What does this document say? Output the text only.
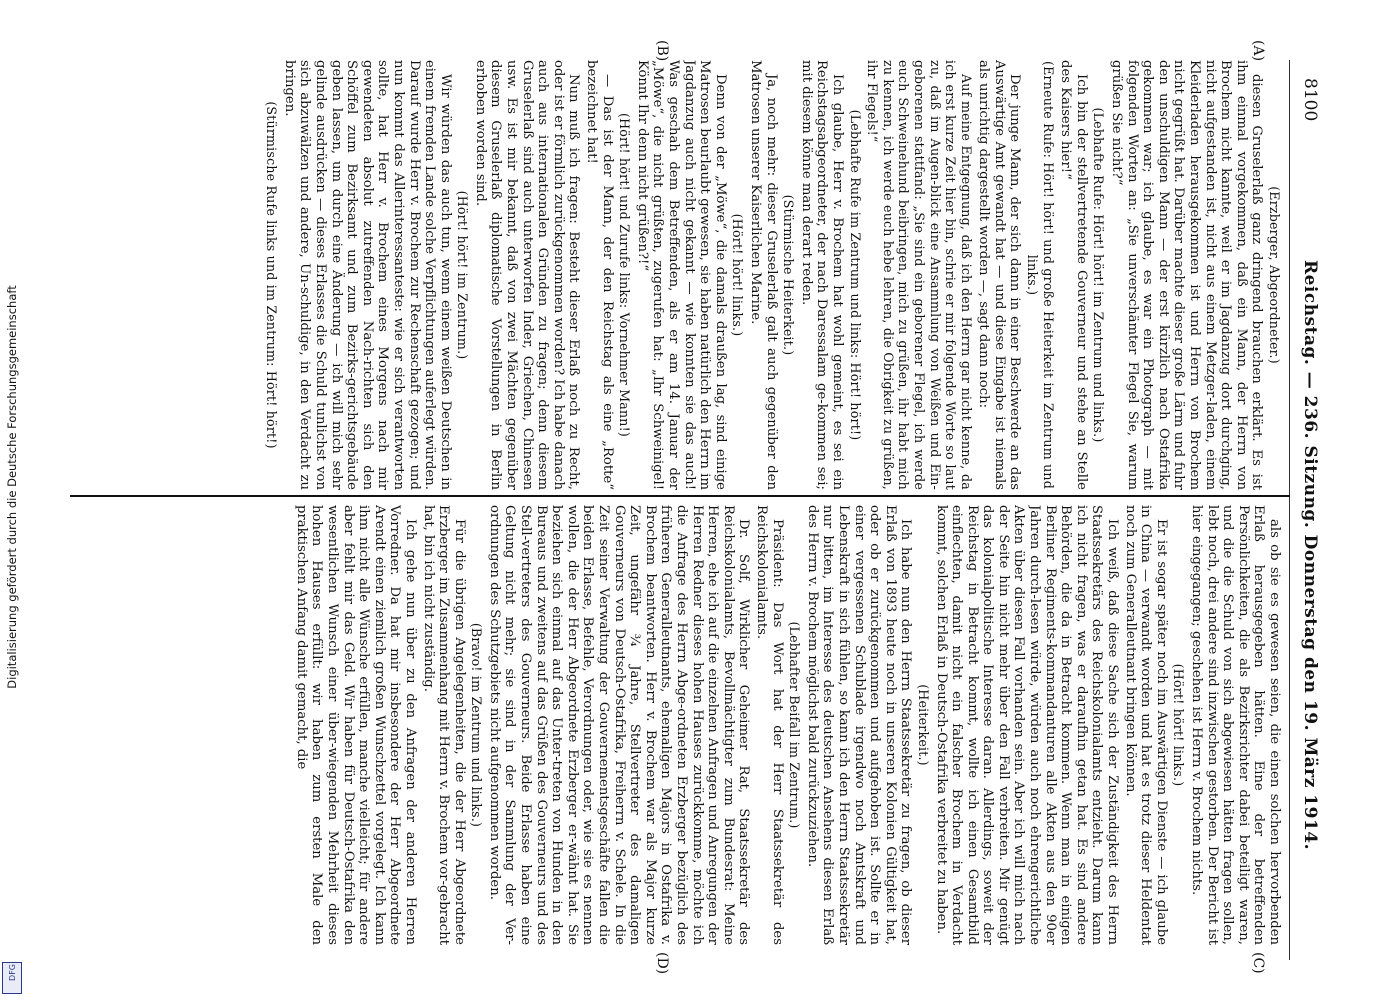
Digitalisierung gefördert durch die Deutsche Forschungsgemeinschaft
DFG
8100
Reichstag. — 236. Sitzung. Donnerstag den 19. März 1914.
(A)
(B)
(C)
(D)

(Erzberger, Abgeordneter.)

diesen Gruselerlaß ganz dringend brauchen erklärt. Es ist ihm einmal vorgekommen, daß ein Mann, der Herrn von Brochem nicht kannte, weil er im Jagdanzug dort durchging, nicht aufgestanden ist, nicht aus einem Metzger-laden, einem Kleiderladen herausgekommen ist und Herrn von Brochem nicht gegrüßt hat. Darüber machte dieser große Lärm und fuhr den unschuldigen Mann — der erst kürzlich nach Ostafrika gekommen war; ich glaube, es war ein Photograph — mit folgenden Worten an: „Sie unverschämter Flegel Sie, warum grüßen Sie nicht?“

(Lebhafte Rufe: Hört! hört! im Zentrum und links.)

Ich bin der stellvertretende Gouverneur und stehe an Stelle des Kaisers hier!“

(Erneute Rufe: Hört! hört! und große Heiterkeit im Zentrum und links.)

Der junge Mann, der sich dann in einer Beschwerde an das Auswärtige Amt gewandt hat — und diese Eingabe ist niemals als unrichtig dargestellt worden —, sagt dann noch:

Auf meine Entgegnung, daß ich den Herrn gar nicht kenne, da ich erst kurze Zeit hier bin, schrie er mir folgende Worte so laut zu, daß im Augen-blick eine Ansammlung von Weißen und Ein-geborenen stattfand: „Sie sind ein geborener Flegel, ich werde euch Schweinehund beibringen, mich zu grüßen, ihr habt mich zu kennen, ich werde euch hebe lehren, die Obrigkeit zu grüßen, ihr Flegels!“

(Lebhafte Rufe im Zentrum und links: Hört! hört!)

Ich glaube, Herr v. Brochem hat wohl gemeint, es sei ein Reichstagsabgeordneter, der nach Daressalam ge-kommen sei; mit diesem könne man derart reden.

(Stürmische Heiterkeit.)

Ja, noch mehr: dieser Gruselerlaß galt auch gegenüber den Matrosen unserer Kaiserlichen Marine.

(Hört! hört! links.)

Denn von der „Möwe“, die damals draußen lag, sind einige Matrosen beurlaubt gewesen, sie haben natürlich den Herrn im Jagdanzug auch nicht gekannt — wie konnten sie das auch! Was geschah dem Betreffenden, als er am 14. Januar der „Möwe“, die nicht grüßten, zugerufen hat: „Ihr Schweinigel! Könnt Ihr denn nicht grüßen?!“

(Hört! hört! und Zurufe links: Vornehmer Mann!)

— Das ist der Mann, der den Reichstag als eine „Rotte“ bezeichnet hat!

Nun muß ich fragen: Besteht dieser Erlaß noch zu Recht, oder ist er förmlich zurückgenommen worden? Ich habe danach auch aus internationalen Gründen zu fragen; denn diesem Gruselerlaß sind auch unterworfen Inder, Griechen, Chinesen usw. Es ist mir bekannt, daß von zwei Mächten gegenüber diesem Gruselerlaß diplomatische Vorstellungen in Berlin erhoben worden sind.

(Hört! hört! im Zentrum.)

Wir würden das auch tun, wenn einem weißen Deutschen in einem fremden Lande solche Verpflichtungen auferlegt würden. Darauf wurde Herr v. Brochem zur Rechenschaft gezogen; und nun kommt das Allerinteressanteste: wie er sich verantworten sollte, hat Herr v. Brochem eines Morgens nach mir gewendeten absolut zutreffenden Nach-richten sich den Schöffel zum Bezirksamt und zum Bezirks-gerichtsgebäude geben lassen, um durch eine Änderung — ich will mich sehr gelinde ausdrücken — dieses Erlasses die Schuld tunlichst von sich abzuwälzen und andere, Un-schuldige, in den Verdacht zu bringen.

(Stürmische Rufe links und im Zentrum: Hört! hört!)

als ob sie es gewesen seien, die einen solchen hervorbenden Erlaß herausgegeben hätten. Eine der betreffenden Persönlichkeiten, die als Bezirksrichter dabei beteiligt waren, und die die Schuld von sich abgewiesen hätten fragen sollen, lebt noch, drei andere sind inzwischen gestorben. Der Bericht ist hier eingegangen; geschehen ist Herrn v. Brochem nichts.

(Hört! hört! links.)

Er ist sogar später noch im Auswärtigen Dienste — ich glaube in China — verwandt worden und hat es trotz dieser Heldentat noch zum Generalleutnant bringen können.

Ich weiß, daß diese Sache sich der Zuständigkeit des Herrn Staatssekretärs des Reichskolonialamts entzieht. Darum kann ich nicht fragen, was er daraufhin getan hat. Es sind andere Behörden, die da in Betracht kommen. Wenn man in einigen Berliner Regiments-kommandanturen alle Akten aus den 90er Jahren durch-lesen würde, würden auch noch ehrengerichtliche Akten über diesen Fall vorhanden sein. Aber ich will mich nach der Seite hin nicht mehr über den Fall verbreiten. Mir genügt das kolonialpolitische Interesse daran. Allerdings, soweit der Reichstag in Betracht kommt, wollte ich einen Gesamtbild einflechten, damit nicht ein falscher Brochem in Verdacht kommt, solchen Erlaß in Deutsch-Ostafrika verbreitet zu haben.

(Heiterkeit.)

Ich habe nun den Herrn Staatssekretär zu fragen, ob dieser Erlaß von 1893 heute noch in unseren Kolonien Gültigkeit hat, oder ob er zurückgenommen und aufgehoben ist. Sollte er in einer vergessenen Schublade irgendwo noch Amtskraft und Lebenskraft in sich fühlen, so kann ich den Herrn Staatssekretär nur bitten, im Interesse des deutschen Ansehens diesen Erlaß des Herrn v. Brochem möglichst bald zurückzuziehen.

(Lebhafter Beifall im Zentrum.)

Präsident: Das Wort hat der Herr Staatssekretär des Reichskolonialamts.

Dr. Solf, Wirklicher Geheimer Rat, Staatssekretär des Reichskolonialamts, Bevollmächtigter zum Bundesrat: Meine Herren, ehe ich auf die einzelnen Anfragen und Anregungen der Herren Redner dieses hohen Hauses zurückkomme, möchte ich die Anfrage des Herrn Abge-ordneten Erzberger bezüglich des früheren Generalleutnants, ehemaligen Majors in Ostafrika v. Brochem beantworten. Herr v. Brochem war als Major kurze Zeit, ungefähr ¾ Jahre, Stellvertreter des damaligen Gouverneurs von Deutsch-Ostafrika, Freiherrn v. Schele. In die Zeit seiner Verwaltung der Gouvernementsgeschäfte fallen die beiden Erlasse, Befehle, Verordnungen oder, wie sie es nennen wollen, die der Herr Abgeordnete Erzberger er-wähnt hat. Sie beziehen sich einmal auf das Unter-treten von Hunden in den Bureaus und zweitens auf das Grüßen des Gouverneurs und des Stell-vertreters des Gouverneurs. Beide Erlasse haben eine Geltung nicht mehr; sie sind in der Sammlung der Ver-ordnungen des Schutzgebiets nicht aufgenommen worden.

(Bravo! im Zentrum und links.)

Für die übrigen Angelegenheiten, die der Herr Abgeordnete Erzberger im Zusammenhang mit Herrn v. Brochem vor-gebracht hat, bin ich nicht zuständig.

Ich gehe nun über zu den Anfragen der anderen Herren Vorredner. Da hat mir insbesondere der Herr Abgeordnete Arendt einen ziemlich großen Wunschzettel vorgelegt. Ich kann ihm nicht alle Wünsche erfüllen, manche vielleicht; für andere aber fehlt mir das Geld. Wir haben für Deutsch-Ostafrika den wesentlichen Wunsch einer über-wiegenden Mehrheit dieses hohen Hauses erfüllt: wir haben zum ersten Male den praktischen Anfang damit gemacht, die
